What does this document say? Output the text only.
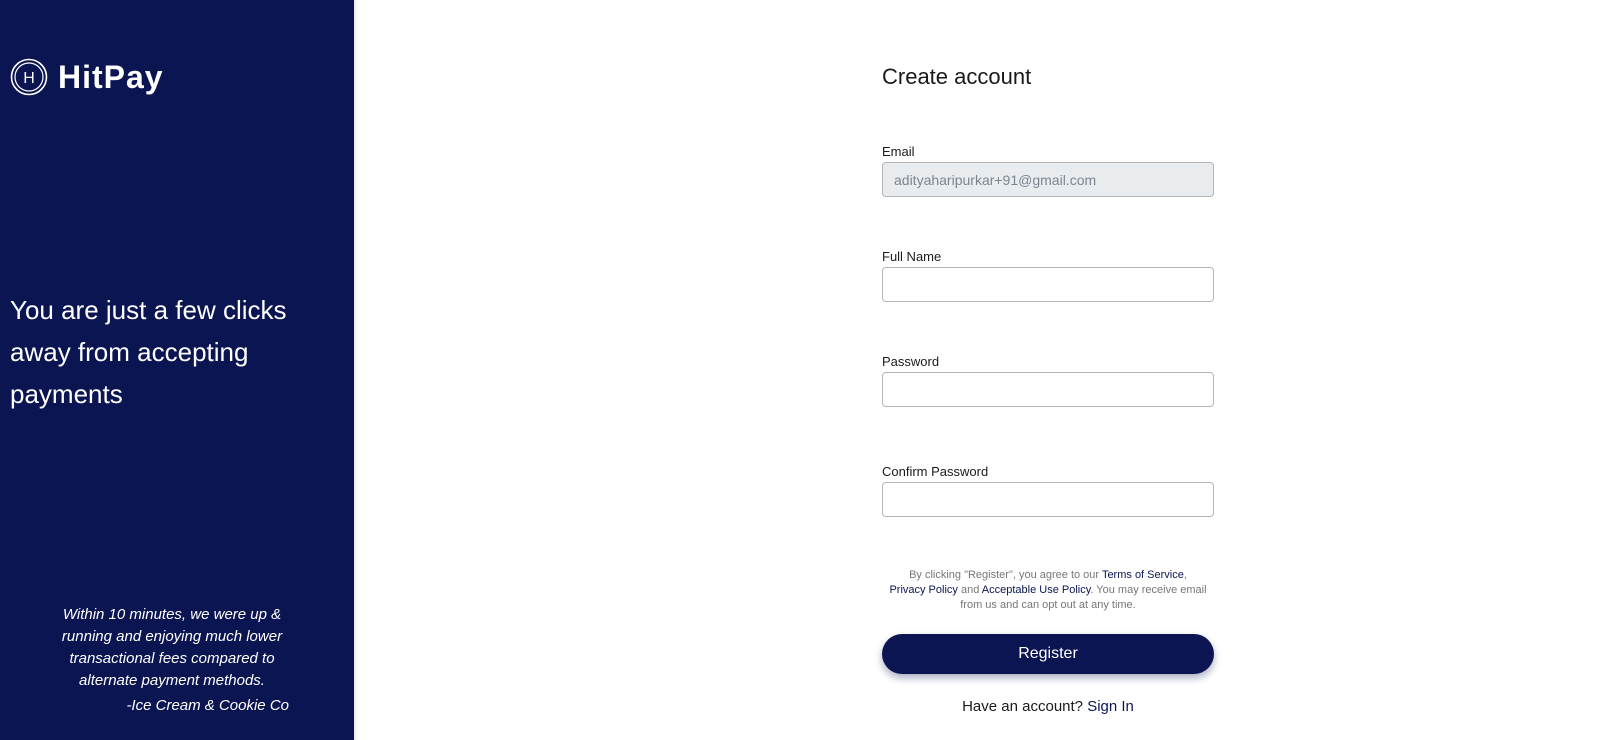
H HitPay
You are just a few clicks away from accepting payments

Within 10 minutes, we were up & running and enjoying much lower transactional fees compared to alternate payment methods.

-Ice Cream & Cookie Co

Create account
Email
adityaharipurkar+91@gmail.com
Full Name
Password
Confirm Password

By clicking "Register", you agree to our Terms of Service,
Privacy Policy and Acceptable Use Policy. You may receive email from us and can opt out at any time.

Register
Have an account? Sign In
